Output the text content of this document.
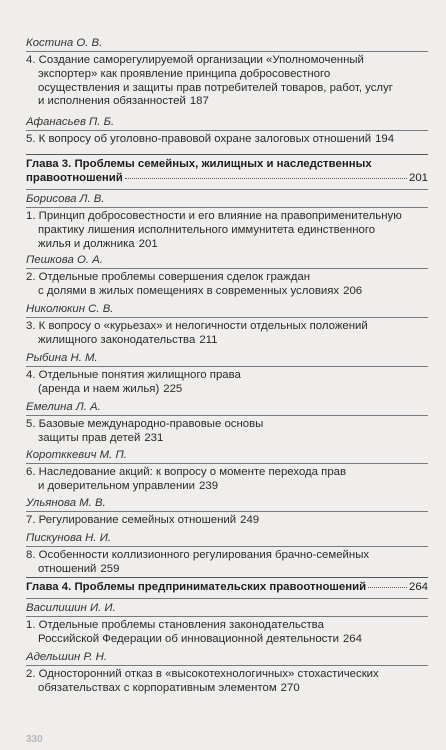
Костина О. В.
4. Создание саморегулируемой организации «Уполномоченный
экспортер» как проявление принципа добросовестного
осуществления и защиты прав потребителей товаров, работ, услуг
и исполнения обязанностей 187
Афанасьев П. Б.
5. К вопросу об уголовно-правовой охране залоговых отношений 194
Глава 3. Проблемы семейных, жилищных и наследственных
правоотношений	201
Борисова Л. В.
1. Принцип добросовестности и его влияние на правоприменительную
практику лишения исполнительного иммунитета единственного
жилья и должника 201
Пешкова О. А.
2. Отдельные проблемы совершения сделок граждан
с долями в жилых помещениях в современных условиях 206
Николюкин С. В.
3. К вопросу о «курьезах» и нелогичности отдельных положений
жилищного законодательства 211
Рыбина Н. М.
4. Отдельные понятия жилищного права
(аренда и наем жилья) 225
Емелина Л. А.
5. Базовые международно-правовые основы
защиты прав детей 231
Коротккевич М. П.
6. Наследование акций: к вопросу о моменте перехода прав
и доверительном управлении 239
Ульянова М. В.
7. Регулирование семейных отношений 249
Пискунова Н. И.
8. Особенности коллизионного регулирования брачно-семейных
отношений 259
Глава 4. Проблемы предпринимательских правоотношений	264
Василишин И. И.
1. Отдельные проблемы становления законодательства
Российской Федерации об инновационной деятельности 264
Адельшин Р. Н.
2. Односторонний отказ в «высокотехнологичных» стохастических
обязательствах с корпоративным элементом 270
330
